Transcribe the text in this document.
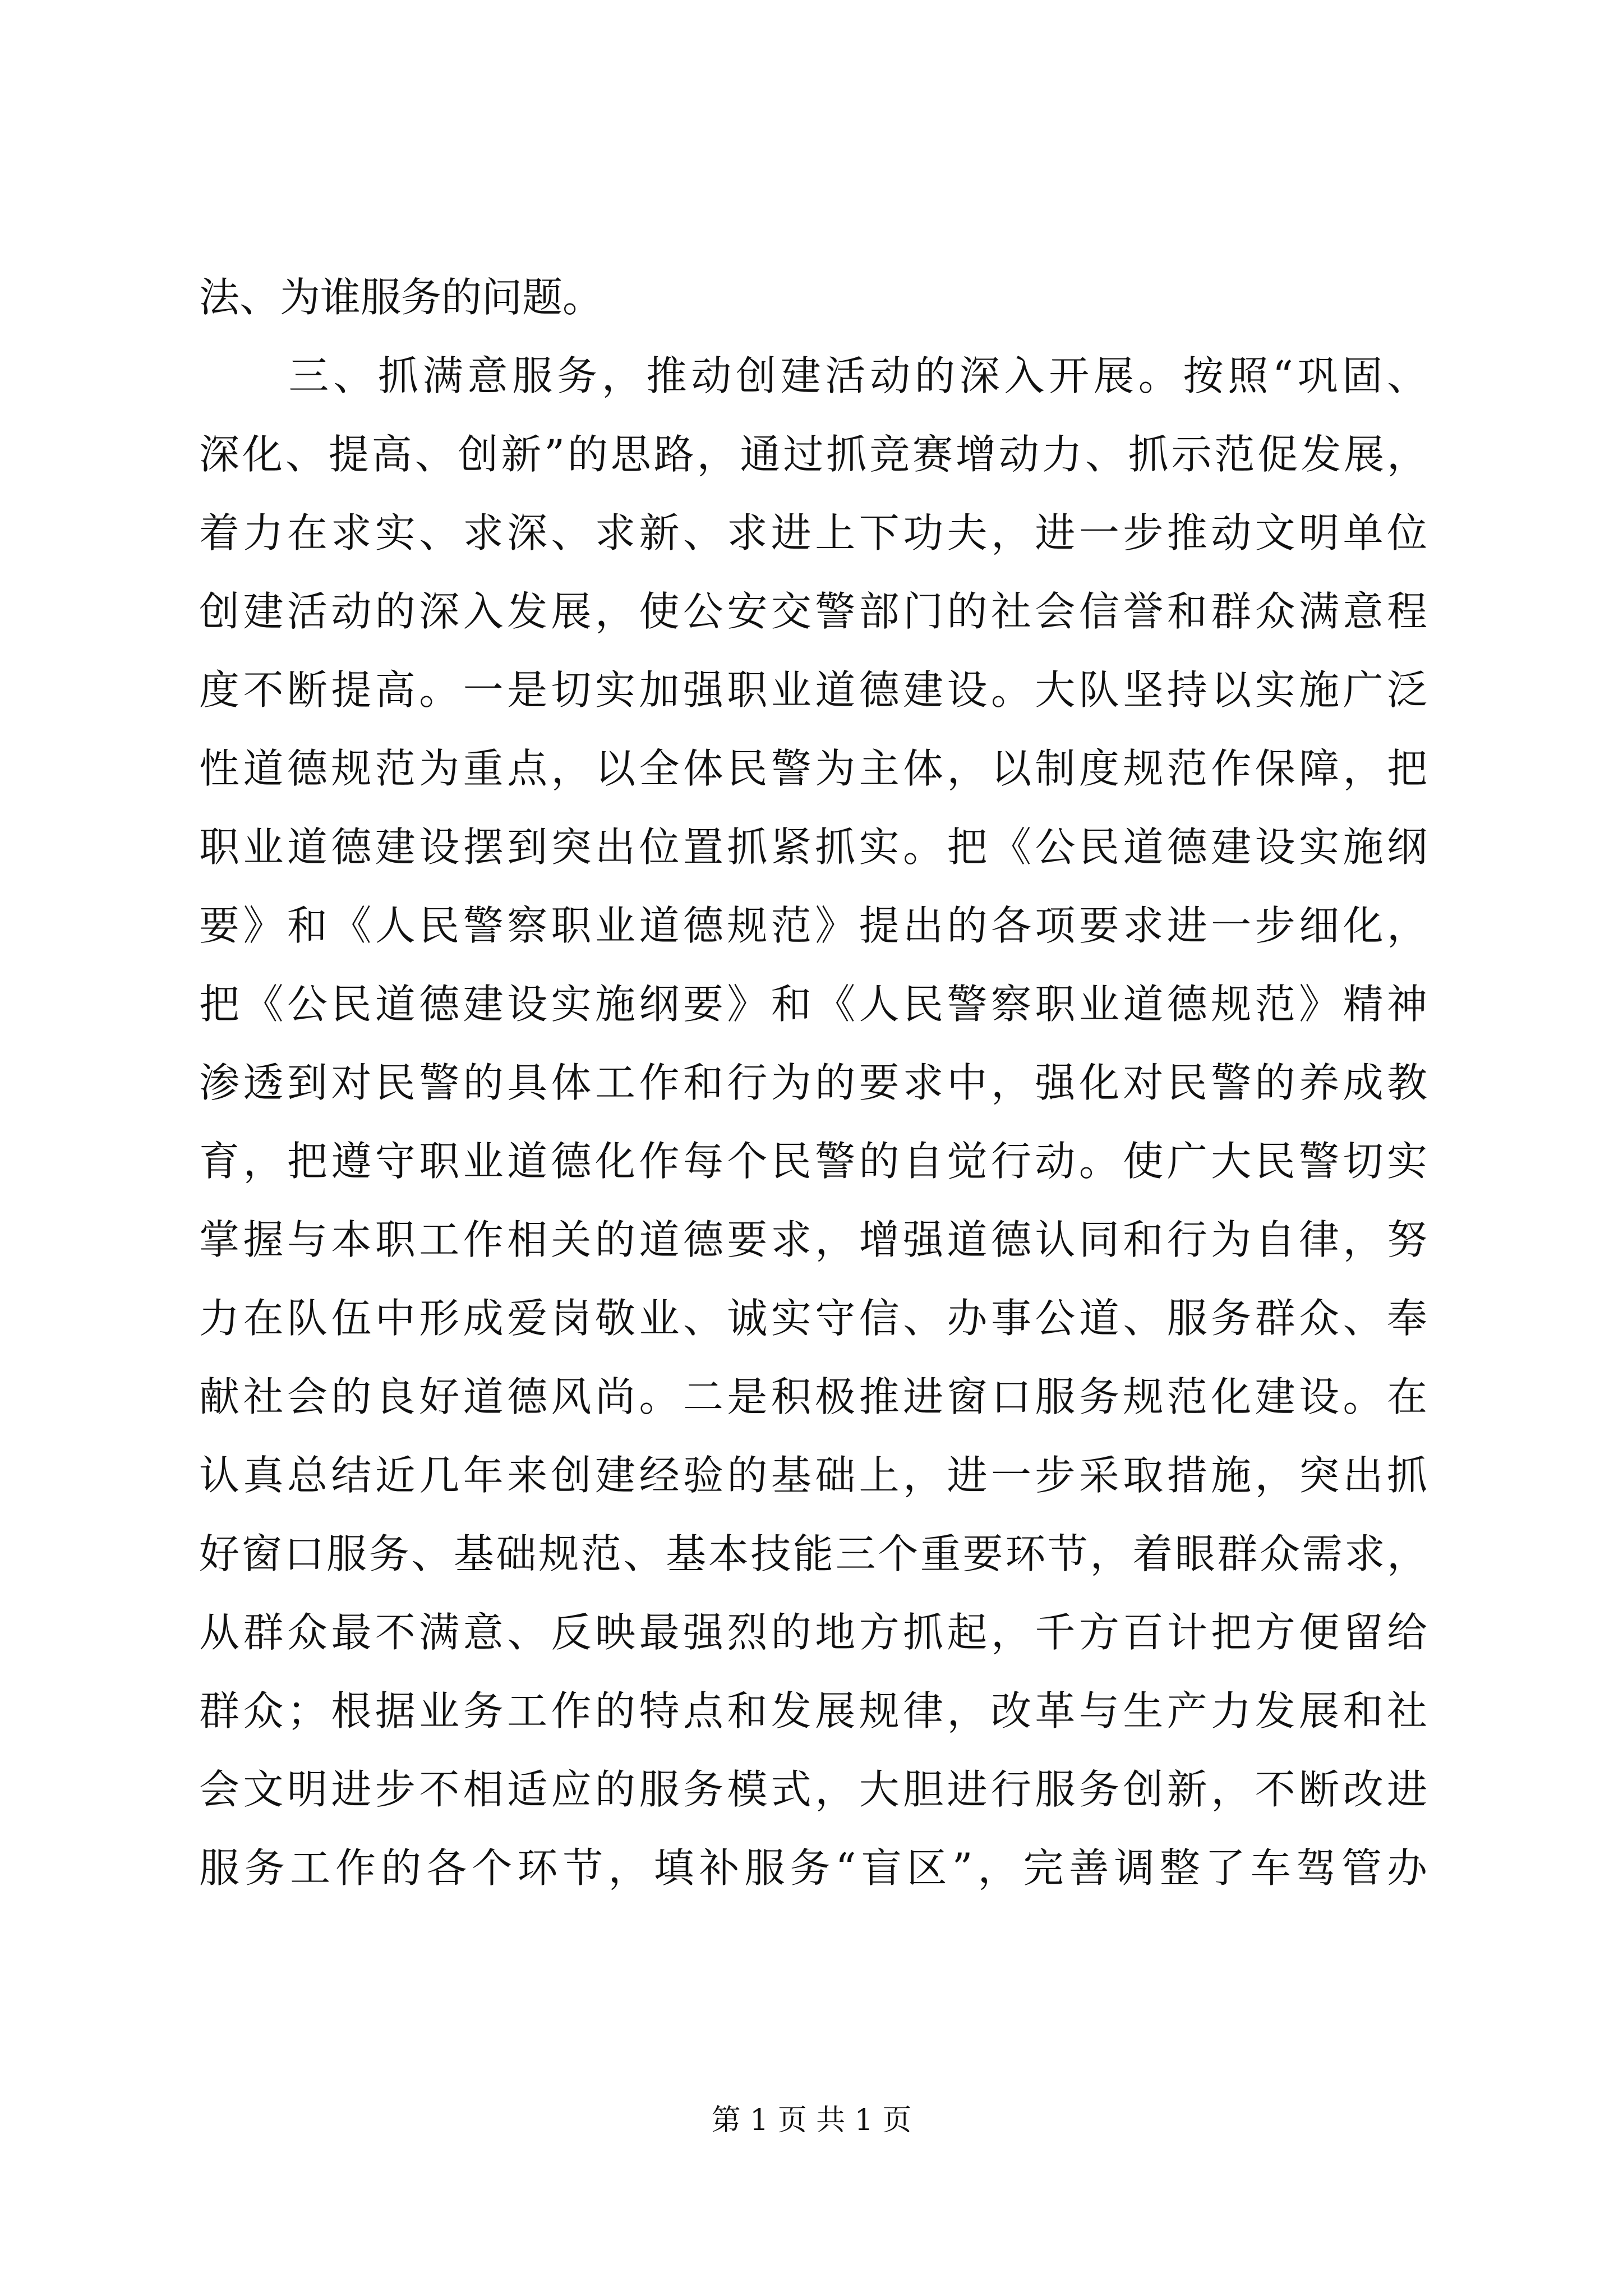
法、为谁服务的问题。
　　三、抓满意服务，推动创建活动的深入开展。按照“巩固、
深化、提高、创新”的思路，通过抓竞赛增动力、抓示范促发展，
着力在求实、求深、求新、求进上下功夫，进一步推动文明单位
创建活动的深入发展，使公安交警部门的社会信誉和群众满意程
度不断提高。一是切实加强职业道德建设。大队坚持以实施广泛
性道德规范为重点，以全体民警为主体，以制度规范作保障，把
职业道德建设摆到突出位置抓紧抓实。把《公民道德建设实施纲
要》和《人民警察职业道德规范》提出的各项要求进一步细化，
把《公民道德建设实施纲要》和《人民警察职业道德规范》精神
渗透到对民警的具体工作和行为的要求中，强化对民警的养成教
育，把遵守职业道德化作每个民警的自觉行动。使广大民警切实
掌握与本职工作相关的道德要求，增强道德认同和行为自律，努
力在队伍中形成爱岗敬业、诚实守信、办事公道、服务群众、奉
献社会的良好道德风尚。二是积极推进窗口服务规范化建设。在
认真总结近几年来创建经验的基础上，进一步采取措施，突出抓
好窗口服务、基础规范、基本技能三个重要环节，着眼群众需求，
从群众最不满意、反映最强烈的地方抓起，千方百计把方便留给
群众；根据业务工作的特点和发展规律，改革与生产力发展和社
会文明进步不相适应的服务模式，大胆进行服务创新，不断改进
服务工作的各个环节，填补服务“盲区”，完善调整了车驾管办
第 1 页 共 1 页
